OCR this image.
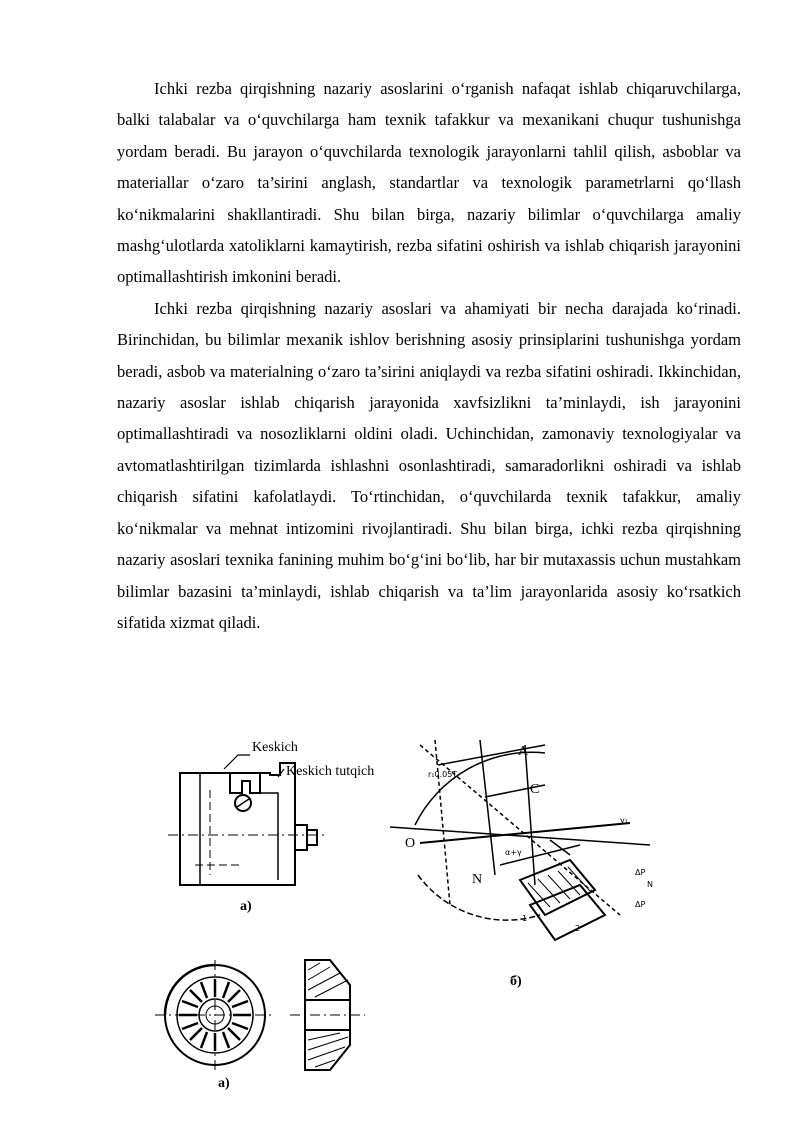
Ichki rezba qirqishning nazariy asoslarini o‘rganish nafaqat ishlab chiqaruvchilarga, balki talabalar va o‘quvchilarga ham texnik tafakkur va mexanikani chuqur tushunishga yordam beradi. Bu jarayon o‘quvchilarda texnologik jarayonlarni tahlil qilish, asboblar va materiallar o‘zaro ta’sirini anglash, standartlar va texnologik parametrlarni qo‘llash ko‘nikmalarini shakllantiradi. Shu bilan birga, nazariy bilimlar o‘quvchilarga amaliy mashg‘ulotlarda xatoliklarni kamaytirish, rezba sifatini oshirish va ishlab chiqarish jarayonini optimallashtirish imkonini beradi.

Ichki rezba qirqishning nazariy asoslari va ahamiyati bir necha darajada ko‘rinadi. Birinchidan, bu bilimlar mexanik ishlov berishning asosiy prinsiplarini tushunishga yordam beradi, asbob va materialning o‘zaro ta’sirini aniqlaydi va rezba sifatini oshiradi. Ikkinchidan, nazariy asoslar ishlab chiqarish jarayonida xavfsizlikni ta’minlaydi, ish jarayonini optimallashtiradi va nosozliklarni oldini oladi. Uchinchidan, zamonaviy texnologiyalar va avtomatlashtirilgan tizimlarda ishlashni osonlashtiradi, samaradorlikni oshiradi va ishlab chiqarish sifatini kafolatlaydi. To‘rtinchidan, o‘quvchilarda texnik tafakkur, amaliy ko‘nikmalar va mehnat intizomini rivojlantiradi. Shu bilan birga, ichki rezba qirqishning nazariy asoslari texnika fanining muhim bo‘g‘ini bo‘lib, har bir mutaxassis uchun mustahkam bilimlar bazasini ta’minlaydi, ishlab chiqarish va ta’lim jarayonlarida asosiy ko‘rsatkich sifatida xizmat qiladi.

Keskich
Keskich tutqich
a)
a)
A
C
O
N
r₁0.05T
α+γ
γ₁
ΔP
N
ΔP
1
2
б)
